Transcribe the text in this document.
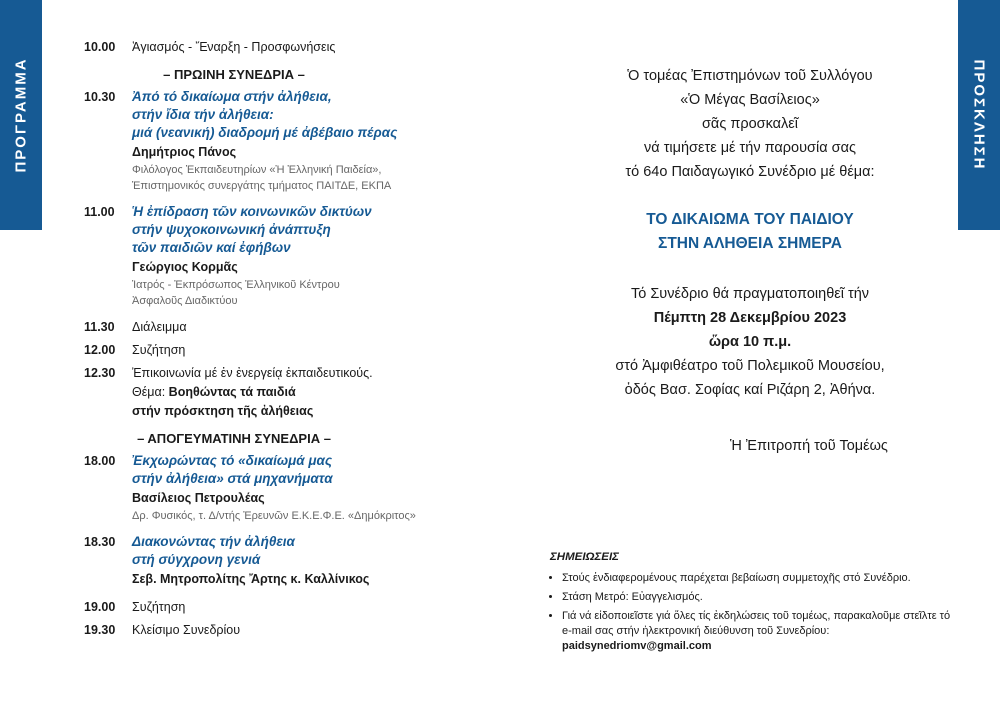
ΠΡΟΓΡΑΜΜΑ	ΠΡΟΣΚΛΗΣΗ
10.00	Ἁγιασμός - Ἔναρξη - Προσφωνήσεις
– ΠΡΩΙΝΗ ΣΥΝΕΔΡΙΑ –
10.30	Ἀπό τό δικαίωμα στήν ἀλήθεια,
στήν ἴδια τήν ἀλήθεια:
μιά (νεανική) διαδρομή μέ ἀβέβαιο πέρας
Δημήτριος Πάνος
Φιλόλογος Ἐκπαιδευτηρίων «Ἡ Ἑλληνική Παιδεία»,
Ἐπιστημονικός συνεργάτης τμήματος ΠΑΙΤΔΕ, ΕΚΠΑ
11.00	Ἡ ἐπίδραση τῶν κοινωνικῶν δικτύων
στήν ψυχοκοινωνική ἀνάπτυξη
τῶν παιδιῶν καί ἐφήβων
Γεώργιος Κορμᾶς
Ἰατρός - Ἐκπρόσωπος Ἑλληνικοῦ Κέντρου
Ἀσφαλοῦς Διαδικτύου
11.30	Διάλειμμα
12.00	Συζήτηση
12.30	Ἐπικοινωνία μέ ἐν ἐνεργείᾳ ἐκπαιδευτικούς.
Θέμα: Βοηθώντας τά παιδιά
στήν πρόσκτηση τῆς ἀλήθειας
– ΑΠΟΓΕΥΜΑΤΙΝΗ ΣΥΝΕΔΡΙΑ –
18.00	Ἐκχωρώντας τό «δικαίωμά μας
στήν ἀλήθεια» στά μηχανήματα
Βασίλειος Πετρουλέας
Δρ. Φυσικός, τ. Δ/ντής Ἐρευνῶν Ε.Κ.Ε.Φ.Ε. «Δημόκριτος»
18.30	Διακονώντας τήν ἀλήθεια
στή σύγχρονη γενιά
Σεβ. Μητροπολίτης Ἄρτης κ. Καλλίνικος
19.00	Συζήτηση
19.30	Κλείσιμο Συνεδρίου
Ὁ τομέας Ἐπιστημόνων τοῦ Συλλόγου
«Ὁ Μέγας Βασίλειος»
σᾶς προσκαλεῖ
νά τιμήσετε μέ τήν παρουσία σας
τό 64ο Παιδαγωγικό Συνέδριο μέ θέμα:
ΤΟ ΔΙΚΑΙΩΜΑ ΤΟΥ ΠΑΙΔΙΟΥ
ΣΤΗΝ ΑΛΗΘΕΙΑ ΣΗΜΕΡΑ
Τό Συνέδριο θά πραγματοποιηθεῖ τήν
Πέμπτη 28 Δεκεμβρίου 2023
ὥρα 10 π.μ.
στό Ἀμφιθέατρο τοῦ Πολεμικοῦ Μουσείου,
ὁδός Βασ. Σοφίας καί Ριζάρη 2, Ἀθήνα.
Ἡ Ἐπιτροπή τοῦ Τομέως
ΣΗΜΕΙΩΣΕΙΣ
• Στούς ἐνδιαφερομένους παρέχεται βεβαίωση συμμετοχῆς στό Συνέδριο.
• Στάση Μετρό: Εὐαγγελισμός.
• Γιά νά εἰδοποιεῖστε γιά ὅλες τίς ἐκδηλώσεις τοῦ τομέως, παρακαλοῦμε στεῖλτε τό e-mail σας στήν ἠλεκτρονική διεύθυνση τοῦ Συνεδρίου:
paidsynedriomv@gmail.com
